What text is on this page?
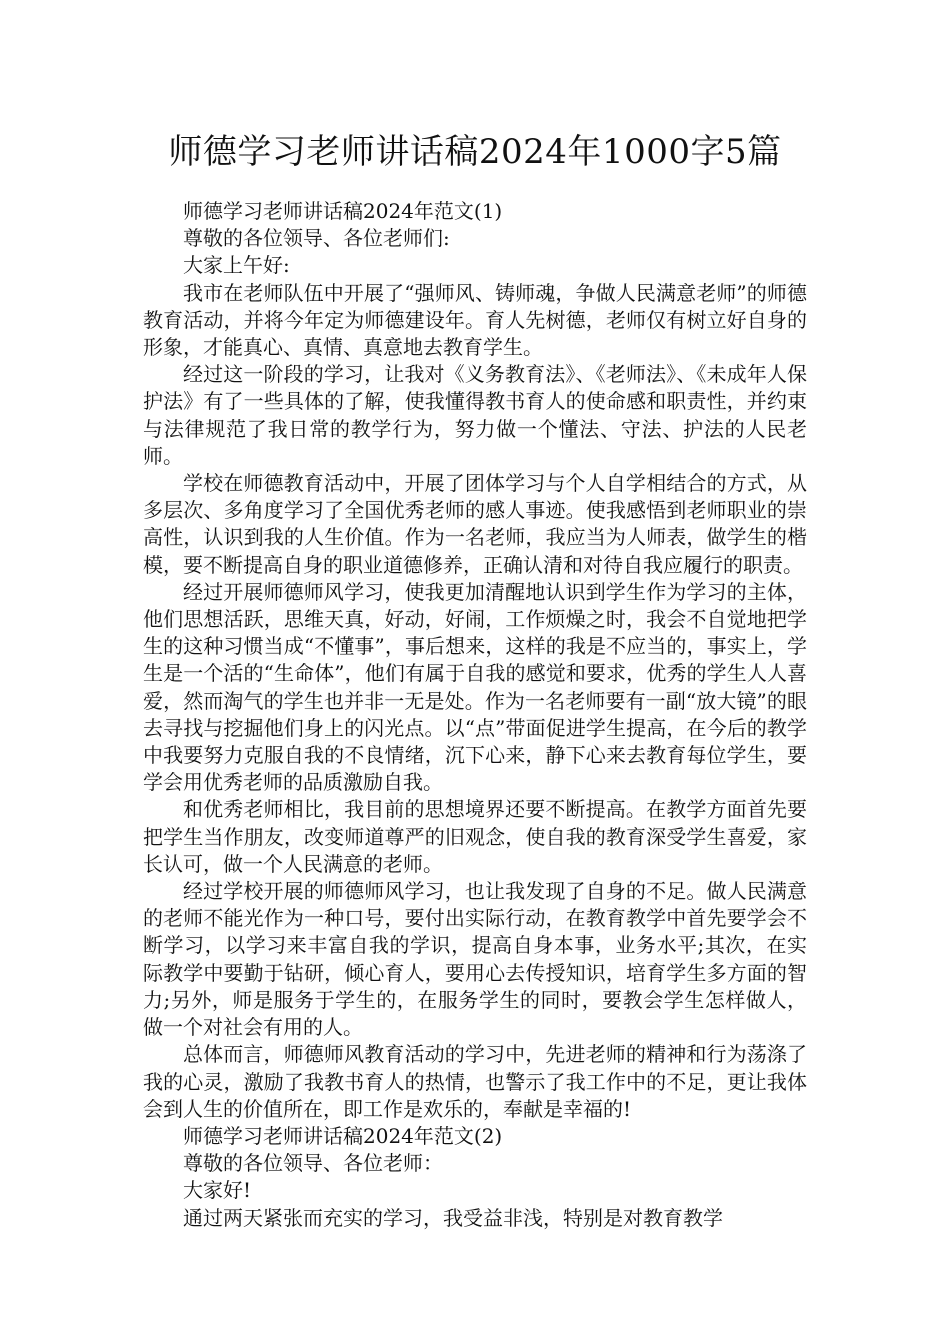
师德学习老师讲话稿2024年1000字5篇

师德学习老师讲话稿2024年范文(1)

尊敬的各位领导、各位老师们:

大家上午好:

我市在老师队伍中开展了“强师风、铸师魂，争做人民满意老师”的师德教育活动，并将今年定为师德建设年。育人先树德，老师仅有树立好自身的形象，才能真心、真情、真意地去教育学生。

经过这一阶段的学习，让我对《义务教育法》、《老师法》、《未成年人保护法》有了一些具体的了解，使我懂得教书育人的使命感和职责性，并约束与法律规范了我日常的教学行为，努力做一个懂法、守法、护法的人民老师。

学校在师德教育活动中，开展了团体学习与个人自学相结合的方式，从多层次、多角度学习了全国优秀老师的感人事迹。使我感悟到老师职业的崇高性，认识到我的人生价值。作为一名老师，我应当为人师表，做学生的楷模，要不断提高自身的职业道德修养，正确认清和对待自我应履行的职责。

经过开展师德师风学习，使我更加清醒地认识到学生作为学习的主体，他们思想活跃，思维天真，好动，好闹，工作烦燥之时，我会不自觉地把学生的这种习惯当成“不懂事”，事后想来，这样的我是不应当的，事实上，学生是一个活的“生命体”，他们有属于自我的感觉和要求，优秀的学生人人喜爱，然而淘气的学生也并非一无是处。作为一名老师要有一副“放大镜”的眼去寻找与挖掘他们身上的闪光点。以“点”带面促进学生提高，在今后的教学中我要努力克服自我的不良情绪，沉下心来，静下心来去教育每位学生，要学会用优秀老师的品质激励自我。

和优秀老师相比，我目前的思想境界还要不断提高。在教学方面首先要把学生当作朋友，改变师道尊严的旧观念，使自我的教育深受学生喜爱，家长认可，做一个人民满意的老师。

经过学校开展的师德师风学习，也让我发现了自身的不足。做人民满意的老师不能光作为一种口号，要付出实际行动，在教育教学中首先要学会不断学习，以学习来丰富自我的学识，提高自身本事，业务水平;其次，在实际教学中要勤于钻研，倾心育人，要用心去传授知识，培育学生多方面的智力;另外，师是服务于学生的，在服务学生的同时，要教会学生怎样做人，做一个对社会有用的人。

总体而言，师德师风教育活动的学习中，先进老师的精神和行为荡涤了我的心灵，激励了我教书育人的热情，也警示了我工作中的不足，更让我体会到人生的价值所在，即工作是欢乐的，奉献是幸福的!

师德学习老师讲话稿2024年范文(2)

尊敬的各位领导、各位老师：

大家好!

通过两天紧张而充实的学习，我受益非浅，特别是对教育教学
